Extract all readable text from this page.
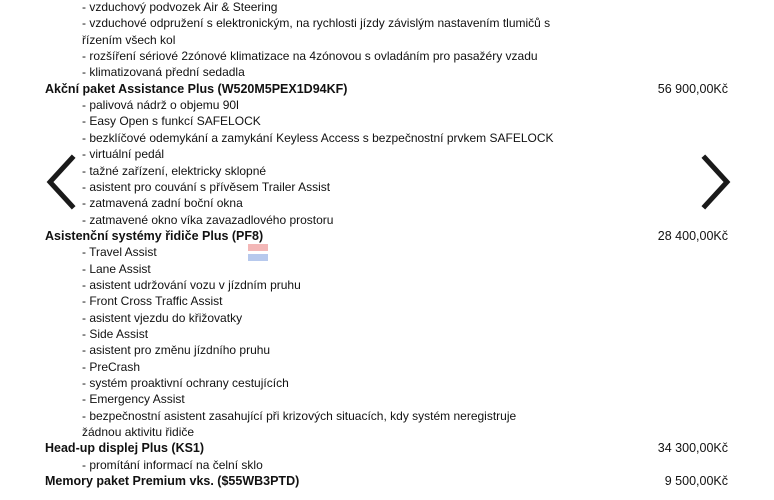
- vzduchový podvozek Air & Steering
- vzduchové odpružení s elektronickým, na rychlosti jízdy závislým nastavením tlumičů s
řízením všech kol
- rozšíření sériové 2zónové klimatizace na 4zónovou s ovladáním pro pasažéry vzadu
- klimatizovaná přední sedadla
Akční paket Assistance Plus (W520M5PEX1D94KF)	56 900,00Kč
- palivová nádrž o objemu 90l
- Easy Open s funkcí SAFELOCK
- bezklíčové odemykání a zamykání Keyless Access s bezpečnostní prvkem SAFELOCK
- virtuální pedál
- tažné zařízení, elektricky sklopné
- asistent pro couvání s přívěsem Trailer Assist
- zatmavená zadní boční okna
- zatmavené okno víka zavazadlového prostoru
Asistenční systémy řidiče Plus (PF8)	28 400,00Kč
- Travel Assist
- Lane Assist
- asistent udržování vozu v jízdním pruhu
- Front Cross Traffic Assist
- asistent vjezdu do křižovatky
- Side Assist
- asistent pro změnu jízdního pruhu
- PreCrash
- systém proaktivní ochrany cestujících
- Emergency Assist
- bezpečnostní asistent zasahující při krizových situacích, kdy systém neregistruje
žádnou aktivitu řidiče
Head-up displej Plus (KS1)	34 300,00Kč
- promítání informací na čelní sklo
Memory paket Premium vks. ($55WB3PTD)	9 500,00Kč
